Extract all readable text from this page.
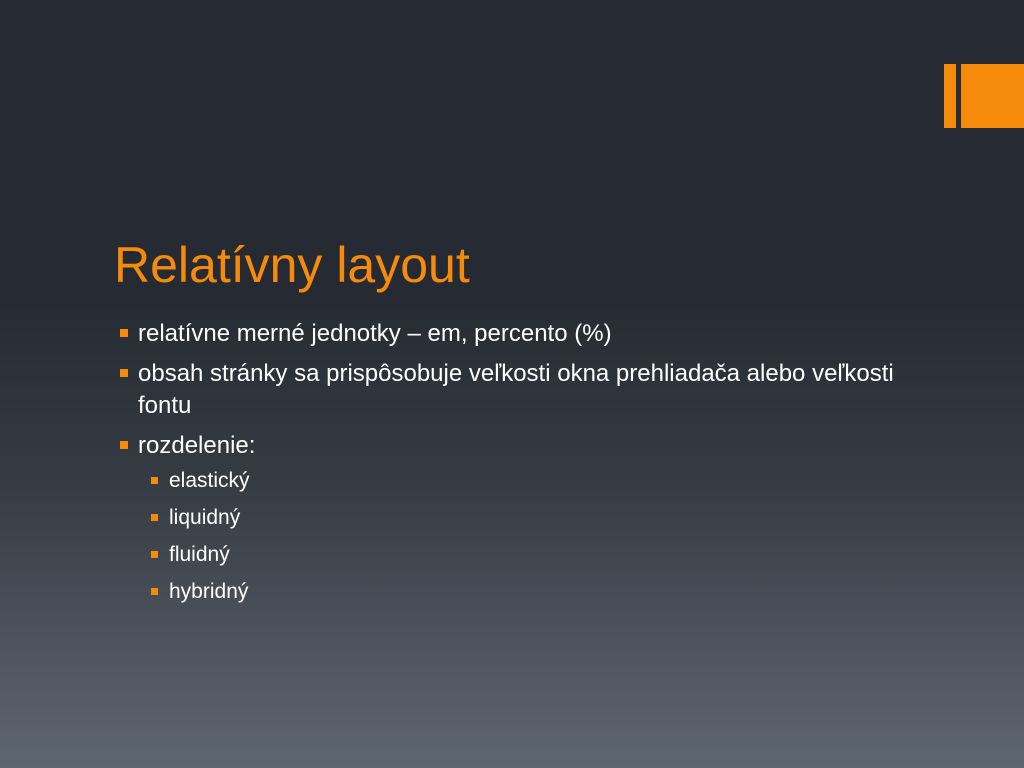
Relatívny layout
relatívne merné jednotky – em, percento (%)
obsah stránky sa prispôsobuje veľkosti okna prehliadača alebo veľkosti fontu
rozdelenie:
elastický
liquidný
fluidný
hybridný
